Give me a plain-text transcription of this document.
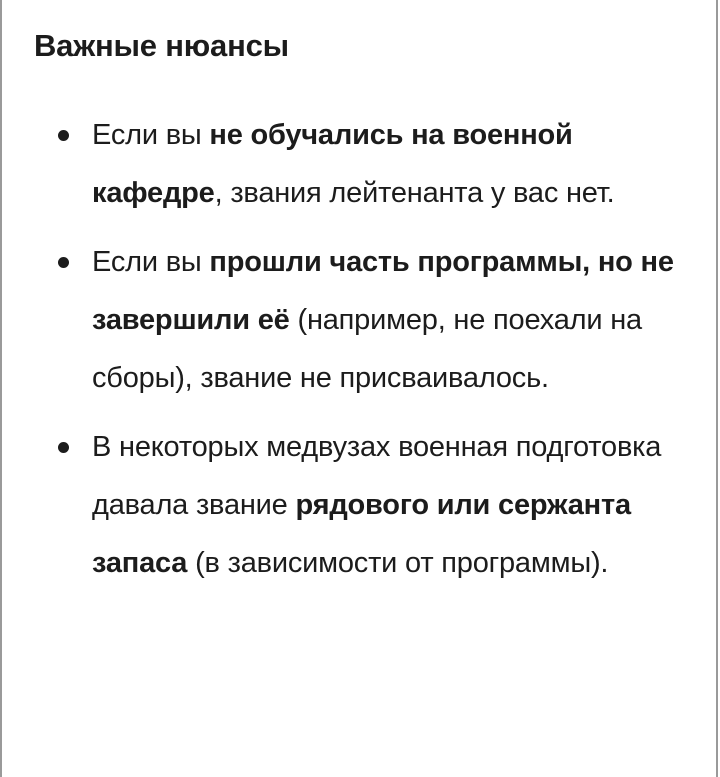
Важные нюансы
Если вы не обучались на военной кафедре, звания лейтенанта у вас нет.
Если вы прошли часть программы, но не завершили её (например, не поехали на сборы), звание не присваивалось.
В некоторых медвузах военная подготовка давала звание рядового или сержанта запаса (в зависимости от программы).
